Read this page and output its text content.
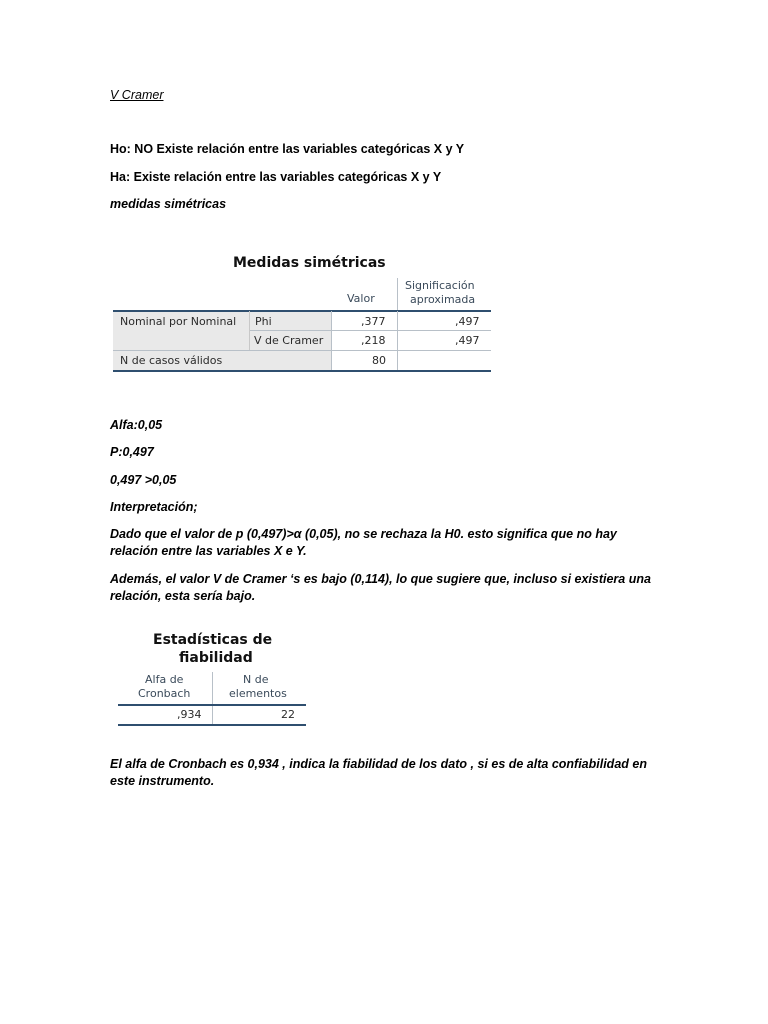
V Cramer
Ho: NO Existe relación entre las variables categóricas X y Y
Ha: Existe relación entre las variables categóricas X y Y
medidas simétricas
Medidas simétricas
Valor
Significación
aproximada
Nominal por Nominal Phi	,377	,497
V de Cramer	,218	,497
N de casos válidos	80
Alfa:0,05
P:0,497
0,497 >0,05
Interpretación;
Dado que el valor de p (0,497)>α (0,05), no se rechaza la H0. esto significa que no hay relación entre las variables X e Y.
Además, el valor V de Cramer ‘s es bajo (0,114), lo que sugiere que, incluso si existiera una relación, esta sería bajo.
Estadísticas de
fiabilidad
Alfa de
Cronbach
N de
elementos
,934	22
El alfa de Cronbach es 0,934 , indica la fiabilidad de los dato , si es de alta confiabilidad en este instrumento.
